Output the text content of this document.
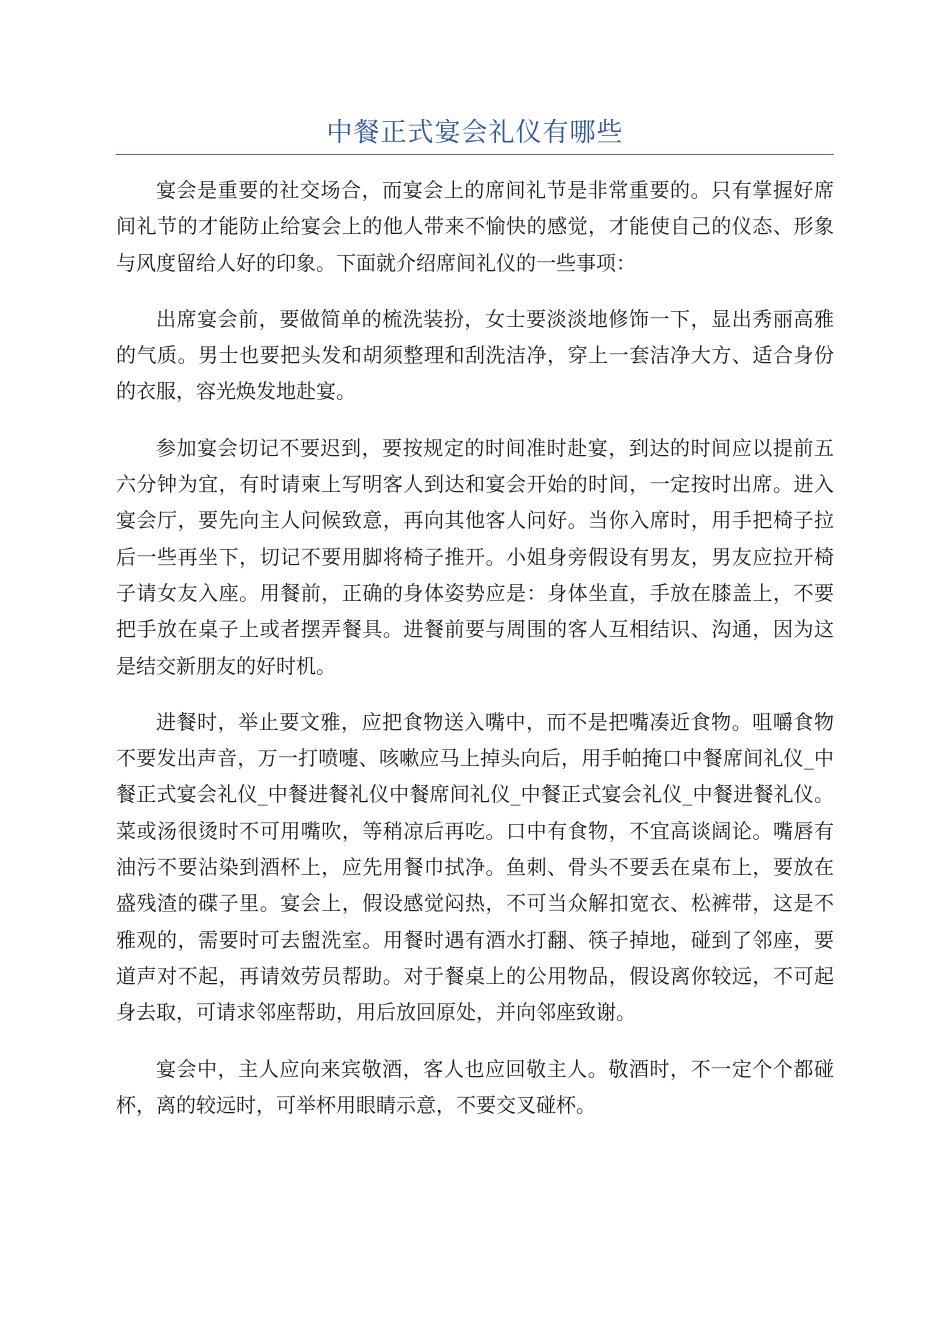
中餐正式宴会礼仪有哪些

宴会是重要的社交场合，而宴会上的席间礼节是非常重要的。只有掌握好席间礼节的才能防止给宴会上的他人带来不愉快的感觉，才能使自己的仪态、形象与风度留给人好的印象。下面就介绍席间礼仪的一些事项：

出席宴会前，要做简单的梳洗装扮，女士要淡淡地修饰一下，显出秀丽高雅的气质。男士也要把头发和胡须整理和刮洗洁净，穿上一套洁净大方、适合身份的衣服，容光焕发地赴宴。

参加宴会切记不要迟到，要按规定的时间准时赴宴，到达的时间应以提前五六分钟为宜，有时请柬上写明客人到达和宴会开始的时间，一定按时出席。进入宴会厅，要先向主人问候致意，再向其他客人问好。当你入席时，用手把椅子拉后一些再坐下，切记不要用脚将椅子推开。小姐身旁假设有男友，男友应拉开椅子请女友入座。用餐前，正确的身体姿势应是：身体坐直，手放在膝盖上，不要把手放在桌子上或者摆弄餐具。进餐前要与周围的客人互相结识、沟通，因为这是结交新朋友的好时机。

进餐时，举止要文雅，应把食物送入嘴中，而不是把嘴凑近食物。咀嚼食物不要发出声音，万一打喷嚏、咳嗽应马上掉头向后，用手帕掩口中餐席间礼仪_中餐正式宴会礼仪_中餐进餐礼仪中餐席间礼仪_中餐正式宴会礼仪_中餐进餐礼仪。菜或汤很烫时不可用嘴吹，等稍凉后再吃。口中有食物，不宜高谈阔论。嘴唇有油污不要沾染到酒杯上，应先用餐巾拭净。鱼刺、骨头不要丢在桌布上，要放在盛残渣的碟子里。宴会上，假设感觉闷热，不可当众解扣宽衣、松裤带，这是不雅观的，需要时可去盥洗室。用餐时遇有酒水打翻、筷子掉地，碰到了邻座，要道声对不起，再请效劳员帮助。对于餐桌上的公用物品，假设离你较远，不可起身去取，可请求邻座帮助，用后放回原处，并向邻座致谢。

宴会中，主人应向来宾敬酒，客人也应回敬主人。敬酒时，不一定个个都碰杯，离的较远时，可举杯用眼睛示意，不要交叉碰杯。
